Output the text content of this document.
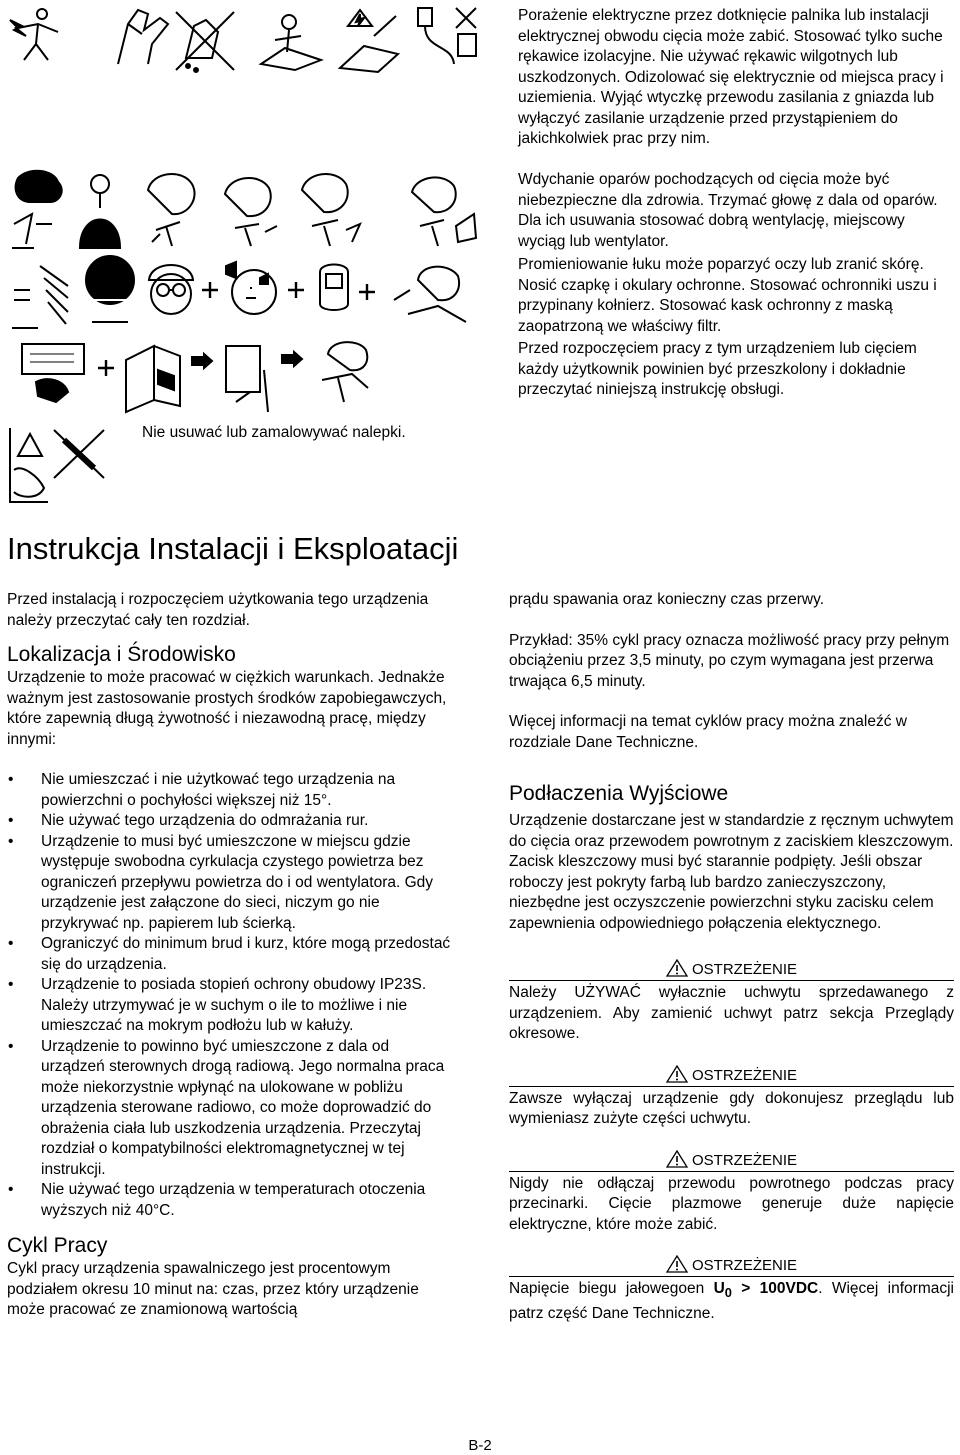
Porażenie elektryczne przez dotknięcie palnika lub instalacji elektrycznej obwodu cięcia może zabić. Stosować tylko suche rękawice izolacyjne. Nie używać rękawic wilgotnych lub uszkodzonych. Odizolować się elektrycznie od miejsca pracy i uziemienia. Wyjąć wtyczkę przewodu zasilania z gniazda lub wyłączyć zasilanie urządzenie przed przystąpieniem do jakichkolwiek prac przy nim.
Wdychanie oparów pochodzących od cięcia może być niebezpieczne dla zdrowia. Trzymać głowę z dala od oparów. Dla ich usuwania stosować dobrą wentylację, miejscowy wyciąg lub wentylator.
Promieniowanie łuku może poparzyć oczy lub zranić skórę. Nosić czapkę i okulary ochronne. Stosować ochronniki uszu i przypinany kołnierz. Stosować kask ochronny z maską zaopatrzoną we właściwy filtr.
Przed rozpoczęciem pracy z tym urządzeniem lub cięciem każdy użytkownik powinien być przeszkolony i dokładnie przeczytać niniejszą instrukcję obsługi.
Nie usuwać lub zamalowywać nalepki.
Instrukcja Instalacji i Eksploatacji

Przed instalacją i rozpoczęciem użytkowania tego urządzenia należy przeczytać cały ten rozdział.

Lokalizacja i Środowisko

Urządzenie to może pracować w ciężkich warunkach. Jednakże ważnym jest zastosowanie prostych środków zapobiegawczych, które zapewnią długą żywotność i niezawodną pracę, między innymi:

• Nie umieszczać i nie użytkować tego urządzenia na powierzchni o pochyłości większej niż 15°.
• Nie używać tego urządzenia do odmrażania rur.
• Urządzenie to musi być umieszczone w miejscu gdzie występuje swobodna cyrkulacja czystego powietrza bez ograniczeń przepływu powietrza do i od wentylatora. Gdy urządzenie jest załączone do sieci, niczym go nie przykrywać np. papierem lub ścierką.
• Ograniczyć do minimum brud i kurz, które mogą przedostać się do urządzenia.
• Urządzenie to posiada stopień ochrony obudowy IP23S. Należy utrzymywać je w suchym o ile to możliwe i nie umieszczać na mokrym podłożu lub w kałuży.
• Urządzenie to powinno być umieszczone z dala od urządzeń sterownych drogą radiową. Jego normalna praca może niekorzystnie wpłynąć na ulokowane w pobliżu urządzenia sterowane radiowo, co może doprowadzić do obrażenia ciała lub uszkodzenia urządzenia. Przeczytaj rozdział o kompatybilności elektromagnetycznej w tej instrukcji.
• Nie używać tego urządzenia w temperaturach otoczenia wyższych niż 40°C.
Cykl Pracy

Cykl pracy urządzenia spawalniczego jest procentowym podziałem okresu 10 minut na: czas, przez który urządzenie może pracować ze znamionową wartością

prądu spawania oraz konieczny czas przerwy.

Przykład: 35% cykl pracy oznacza możliwość pracy przy pełnym obciążeniu przez 3,5 minuty, po czym wymagana jest przerwa trwająca 6,5 minuty.

Więcej informacji na temat cyklów pracy można znaleźć w rozdziale Dane Techniczne.

Podłaczenia Wyjściowe

Urządzenie dostarczane jest w standardzie z ręcznym uchwytem do cięcia oraz przewodem powrotnym z zaciskiem kleszczowym. Zacisk kleszczowy musi być starannie podpięty. Jeśli obszar roboczy jest pokryty farbą lub bardzo zanieczyszczony, niezbędne jest oczyszczenie powierzchni styku zacisku celem zapewnienia odpowiedniego połączenia elektycznego.

OSTRZEŻENIE
Należy UŻYWAĆ wyłacznie uchwytu sprzedawanego z urządzeniem. Aby zamienić uchwyt patrz sekcja Przeglądy okresowe.
OSTRZEŻENIE
Zawsze wyłączaj urządzenie gdy dokonujesz przeglądu lub wymieniasz zużyte części uchwytu.
OSTRZEŻENIE
Nigdy nie odłączaj przewodu powrotnego podczas pracy przecinarki. Cięcie plazmowe generuje duże napięcie elektryczne, które może zabić.
OSTRZEŻENIE
Napięcie biegu jałowegoen $U_0 > 100VDC$. Więcej informacji patrz część Dane Techniczne.
B-2
